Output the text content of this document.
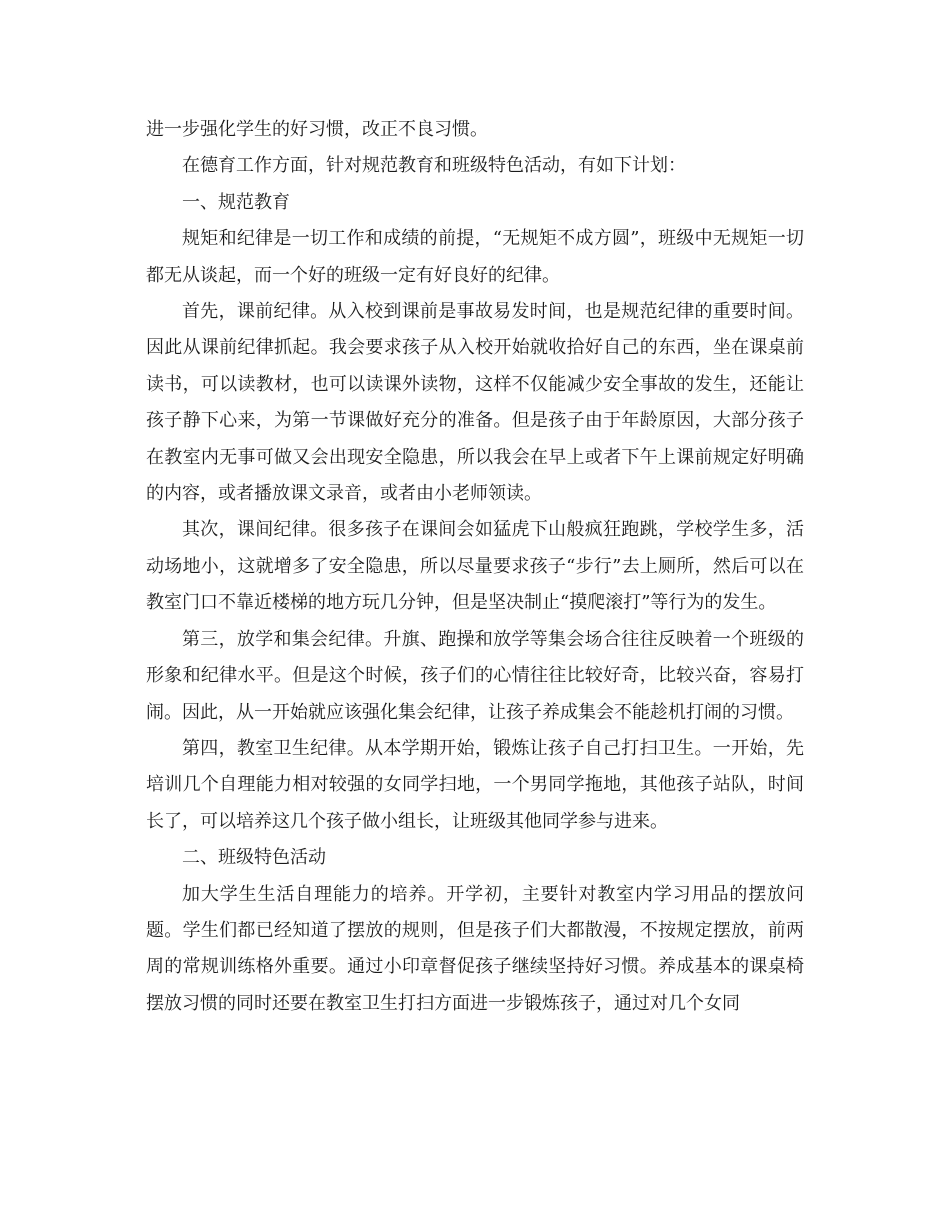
进一步强化学生的好习惯，改正不良习惯。

在德育工作方面，针对规范教育和班级特色活动，有如下计划：

一、规范教育

规矩和纪律是一切工作和成绩的前提，“无规矩不成方圆”，班级中无规矩一切都无从谈起，而一个好的班级一定有好良好的纪律。

首先，课前纪律。从入校到课前是事故易发时间，也是规范纪律的重要时间。因此从课前纪律抓起。我会要求孩子从入校开始就收拾好自己的东西，坐在课桌前读书，可以读教材，也可以读课外读物，这样不仅能减少安全事故的发生，还能让孩子静下心来，为第一节课做好充分的准备。但是孩子由于年龄原因，大部分孩子在教室内无事可做又会出现安全隐患，所以我会在早上或者下午上课前规定好明确的内容，或者播放课文录音，或者由小老师领读。

其次，课间纪律。很多孩子在课间会如猛虎下山般疯狂跑跳，学校学生多，活动场地小，这就增多了安全隐患，所以尽量要求孩子“步行”去上厕所，然后可以在教室门口不靠近楼梯的地方玩几分钟，但是坚决制止“摸爬滚打”等行为的发生。

第三，放学和集会纪律。升旗、跑操和放学等集会场合往往反映着一个班级的形象和纪律水平。但是这个时候，孩子们的心情往往比较好奇，比较兴奋，容易打闹。因此，从一开始就应该强化集会纪律，让孩子养成集会不能趁机打闹的习惯。

第四，教室卫生纪律。从本学期开始，锻炼让孩子自己打扫卫生。一开始，先培训几个自理能力相对较强的女同学扫地，一个男同学拖地，其他孩子站队，时间长了，可以培养这几个孩子做小组长，让班级其他同学参与进来。

二、班级特色活动

加大学生生活自理能力的培养。开学初，主要针对教室内学习用品的摆放问题。学生们都已经知道了摆放的规则，但是孩子们大都散漫，不按规定摆放，前两周的常规训练格外重要。通过小印章督促孩子继续坚持好习惯。养成基本的课桌椅摆放习惯的同时还要在教室卫生打扫方面进一步锻炼孩子，通过对几个女同
